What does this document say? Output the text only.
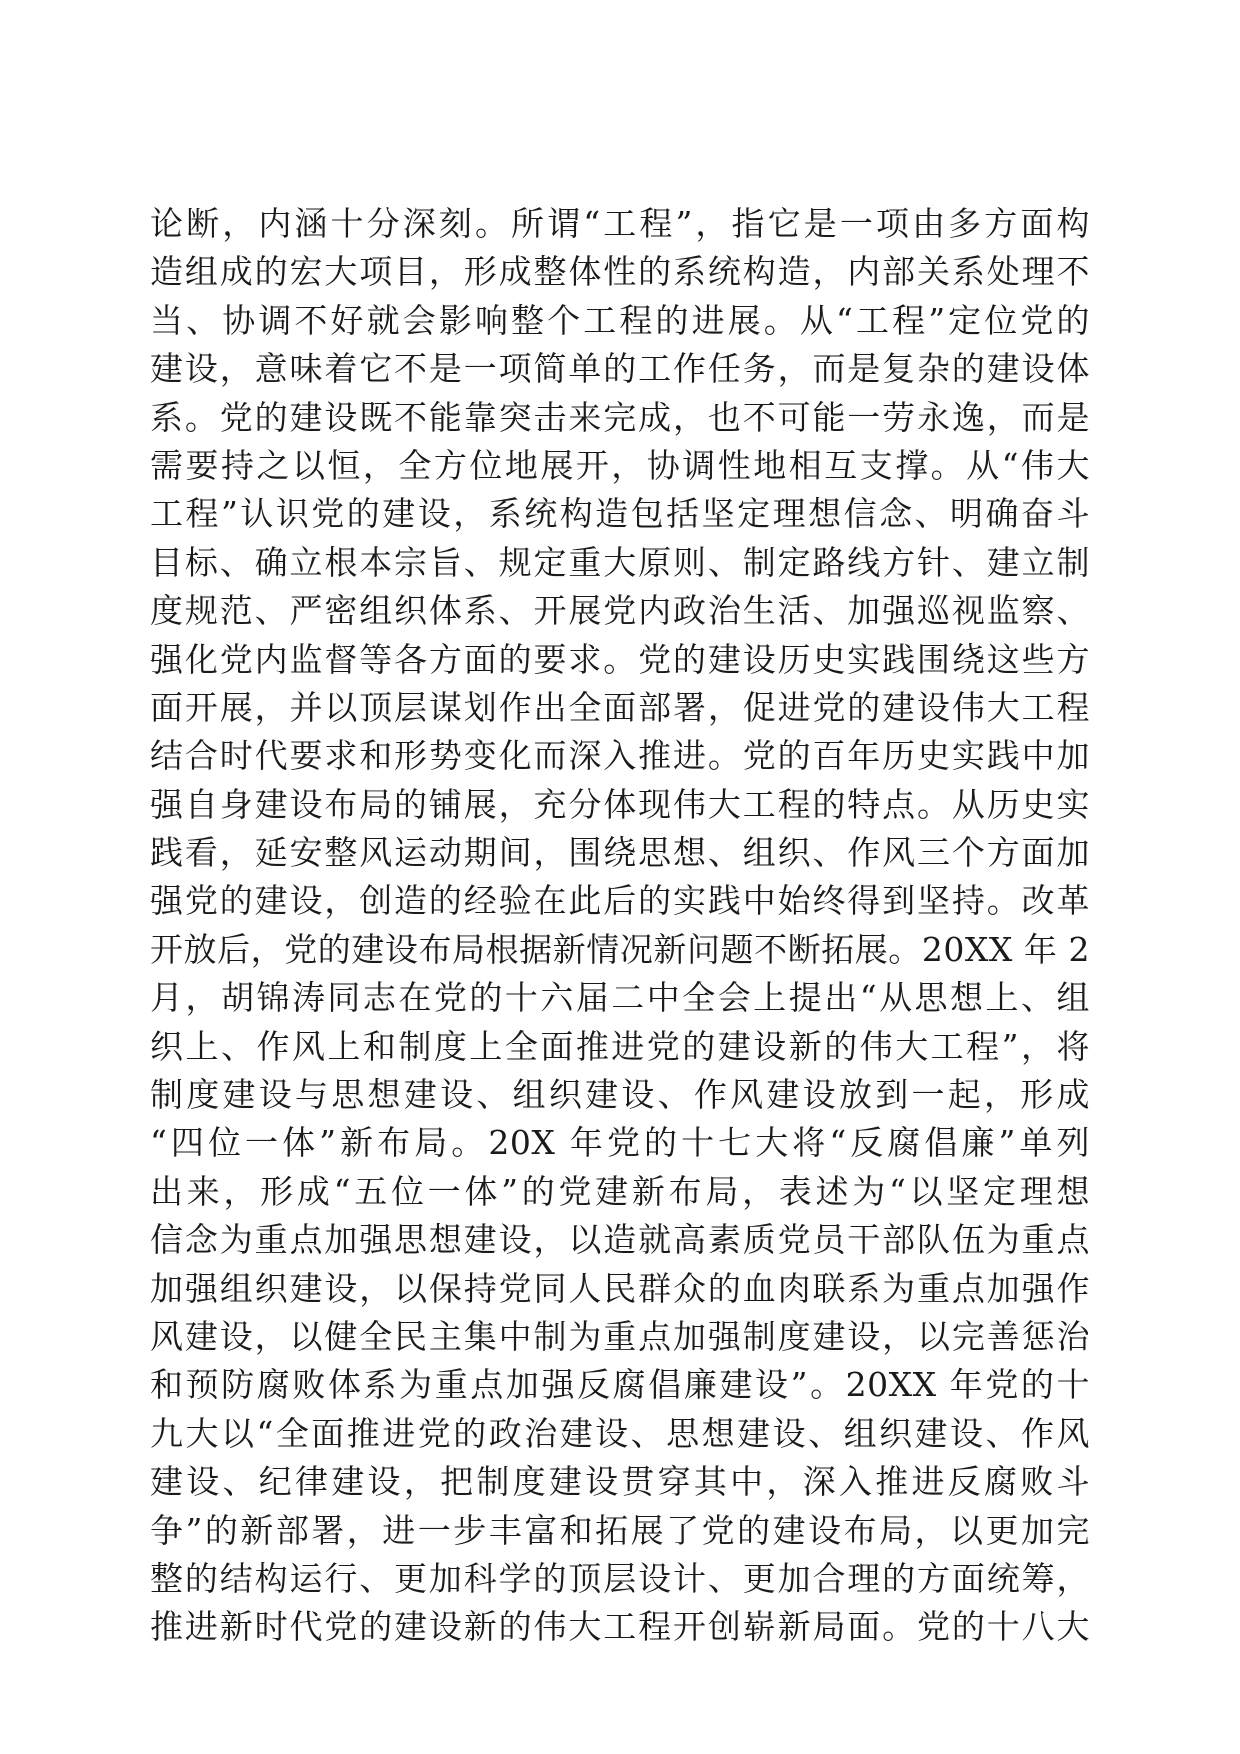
论断，内涵十分深刻。所谓“工程”，指它是一项由多方面构
造组成的宏大项目，形成整体性的系统构造，内部关系处理不
当、协调不好就会影响整个工程的进展。从“工程”定位党的
建设，意味着它不是一项简单的工作任务，而是复杂的建设体
系。党的建设既不能靠突击来完成，也不可能一劳永逸，而是
需要持之以恒，全方位地展开，协调性地相互支撑。从“伟大
工程”认识党的建设，系统构造包括坚定理想信念、明确奋斗
目标、确立根本宗旨、规定重大原则、制定路线方针、建立制
度规范、严密组织体系、开展党内政治生活、加强巡视监察、
强化党内监督等各方面的要求。党的建设历史实践围绕这些方
面开展，并以顶层谋划作出全面部署，促进党的建设伟大工程
结合时代要求和形势变化而深入推进。党的百年历史实践中加
强自身建设布局的铺展，充分体现伟大工程的特点。从历史实
践看，延安整风运动期间，围绕思想、组织、作风三个方面加
强党的建设，创造的经验在此后的实践中始终得到坚持。改革
开放后，党的建设布局根据新情况新问题不断拓展。20XX 年 2
月，胡锦涛同志在党的十六届二中全会上提出“从思想上、组
织上、作风上和制度上全面推进党的建设新的伟大工程”，将
制度建设与思想建设、组织建设、作风建设放到一起，形成
“四位一体”新布局。20X 年党的十七大将“反腐倡廉”单列
出来，形成“五位一体”的党建新布局，表述为“以坚定理想
信念为重点加强思想建设，以造就高素质党员干部队伍为重点
加强组织建设，以保持党同人民群众的血肉联系为重点加强作
风建设，以健全民主集中制为重点加强制度建设，以完善惩治
和预防腐败体系为重点加强反腐倡廉建设”。20XX 年党的十
九大以“全面推进党的政治建设、思想建设、组织建设、作风
建设、纪律建设，把制度建设贯穿其中，深入推进反腐败斗
争”的新部署，进一步丰富和拓展了党的建设布局，以更加完
整的结构运行、更加科学的顶层设计、更加合理的方面统筹，
推进新时代党的建设新的伟大工程开创崭新局面。党的十八大
